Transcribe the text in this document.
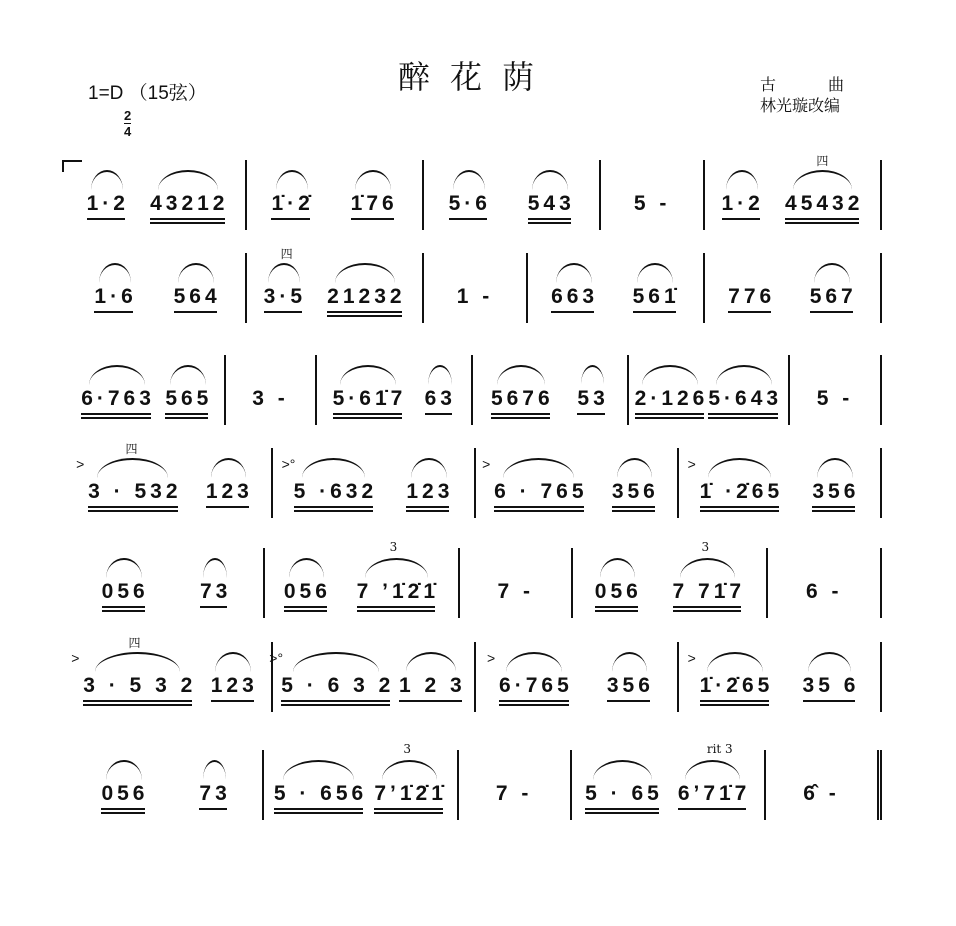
醉花荫
1=D （15弦）
2
4
古曲
林光璇改编
1·2 43212 1̇·2̇ 1̇76 5·6 543	5 - 1·2 45432
四
1·6 564 3·5
四
21232 1 -	663 561̇ 776 567
6·763 565 3 - 5·61̇7 63 5676 53 2·126 5·643 5 -
3 · 532
四
>
123 5 ·632
>°
123 6 · 765
>
356 1̇ ·2̇65
>
356
056 73	056 7 ’1̇2̇1̇
3
7 -	056 7 71̇7
3
6 -
3 · 5 3 2
四
>
123 5 · 6 3 2
>°
1 2 3 6·765
>
356 1̇·2̇65
>
35 6
056 73 5 · 656 7’1̇2̇1̇
3
7 -	5 · 65 6’71̇7
rit 3
6̂ -
